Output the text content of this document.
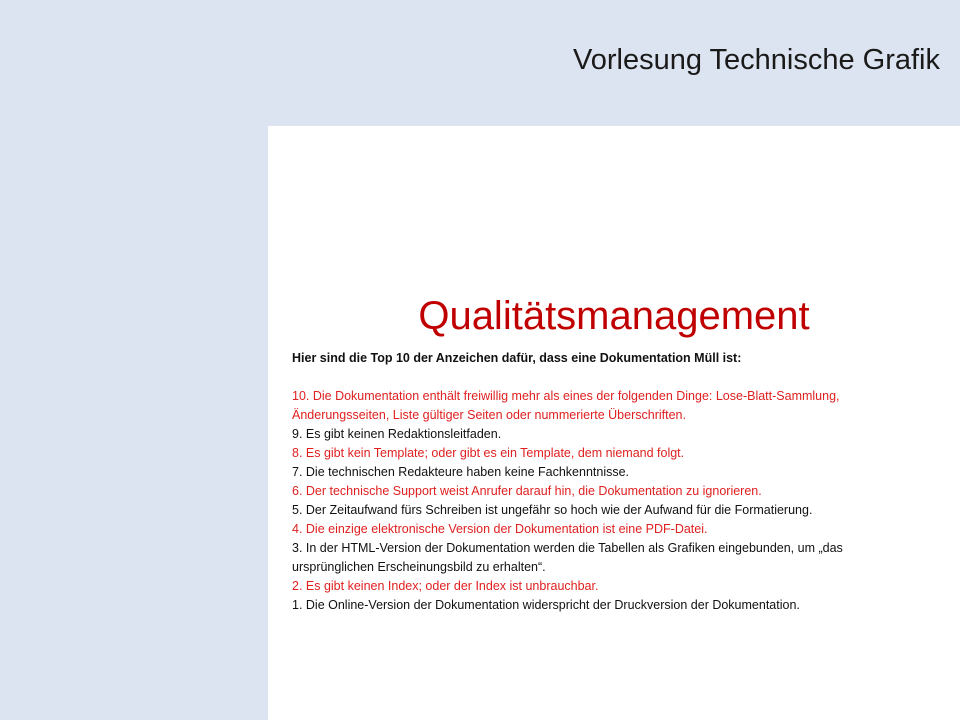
Vorlesung Technische Grafik
Qualitätsmanagement
Hier sind die Top 10 der Anzeichen dafür, dass eine Dokumentation Müll ist:

10. Die Dokumentation enthält freiwillig mehr als eines der folgenden Dinge: Lose-Blatt-Sammlung, Änderungsseiten, Liste gültiger Seiten oder nummerierte Überschriften.

9. Es gibt keinen Redaktionsleitfaden.

8. Es gibt kein Template; oder gibt es ein Template, dem niemand folgt.

7. Die technischen Redakteure haben keine Fachkenntnisse.

6. Der technische Support weist Anrufer darauf hin, die Dokumentation zu ignorieren.

5. Der Zeitaufwand fürs Schreiben ist ungefähr so hoch wie der Aufwand für die Formatierung.

4. Die einzige elektronische Version der Dokumentation ist eine PDF-Datei.

3. In der HTML-Version der Dokumentation werden die Tabellen als Grafiken eingebunden, um „das ursprünglichen Erscheinungsbild zu erhalten“.

2. Es gibt keinen Index; oder der Index ist unbrauchbar.

1. Die Online-Version der Dokumentation widerspricht der Druckversion der Dokumentation.
